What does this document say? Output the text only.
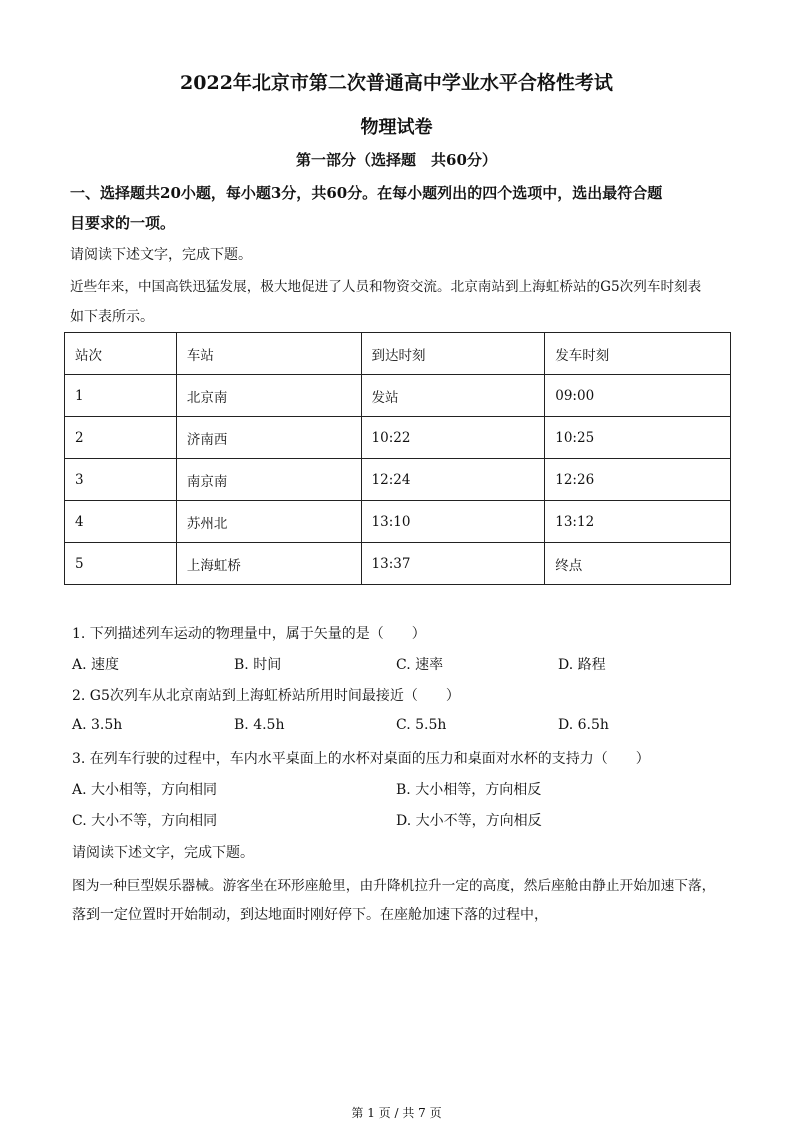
2022年北京市第二次普通高中学业水平合格性考试
物理试卷
第一部分（选择题　共60分）
一、选择题共20小题，每小题3分，共60分。在每小题列出的四个选项中，选出最符合题
目要求的一项。
请阅读下述文字，完成下题。
近些年来，中国高铁迅猛发展，极大地促进了人员和物资交流。北京南站到上海虹桥站的G5次列车时刻表
如下表所示。
站次	车站	到达时刻	发车时刻
1	北京南	发站	09:00
2	济南西	10:22	10:25
3	南京南	12:24	12:26
4	苏州北	13:10	13:12
5	上海虹桥	13:37	终点
1. 下列描述列车运动的物理量中，属于矢量的是（　　）
A. 速度	B. 时间	C. 速率	D. 路程
2. G5次列车从北京南站到上海虹桥站所用时间最接近（　　）
A. 3.5h	B. 4.5h	C. 5.5h	D. 6.5h
3. 在列车行驶的过程中，车内水平桌面上的水杯对桌面的压力和桌面对水杯的支持力（　　）
A. 大小相等，方向相同	B. 大小相等，方向相反
C. 大小不等，方向相同	D. 大小不等，方向相反
请阅读下述文字，完成下题。
图为一种巨型娱乐器械。游客坐在环形座舱里，由升降机拉升一定的高度，然后座舱由静止开始加速下落，
落到一定位置时开始制动，到达地面时刚好停下。在座舱加速下落的过程中，
第 1 页 / 共 7 页
